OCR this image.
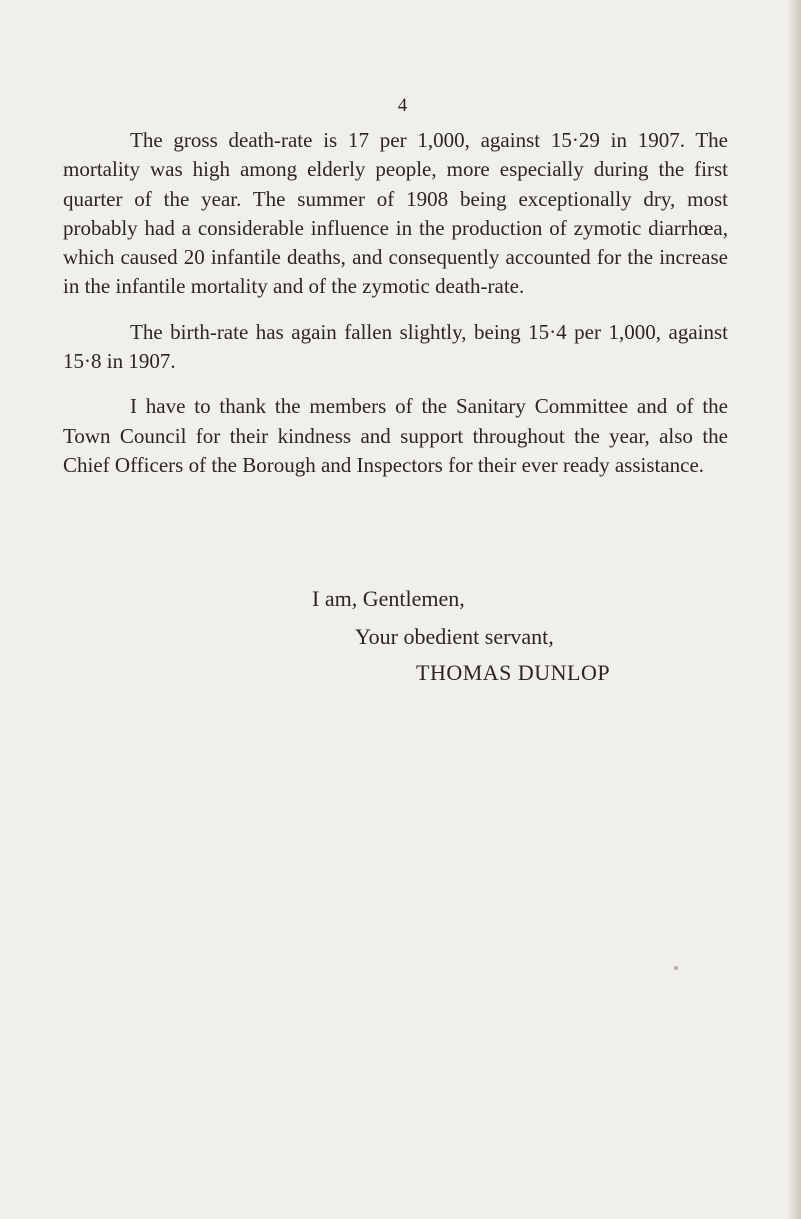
4

The gross death-rate is 17 per 1,000, against 15·29 in 1907. The mortality was high among elderly people, more especially during the first quarter of the year. The summer of 1908 being exceptionally dry, most probably had a considerable influence in the production of zymotic diarrhœa, which caused 20 infantile deaths, and consequently accounted for the increase in the infantile mortality and of the zymotic death-rate.

The birth-rate has again fallen slightly, being 15·4 per 1,000, against 15·8 in 1907.

I have to thank the members of the Sanitary Committee and of the Town Council for their kindness and support throughout the year, also the Chief Officers of the Borough and Inspectors for their ever ready assistance.

I am, Gentlemen,
Your obedient servant,
THOMAS DUNLOP
